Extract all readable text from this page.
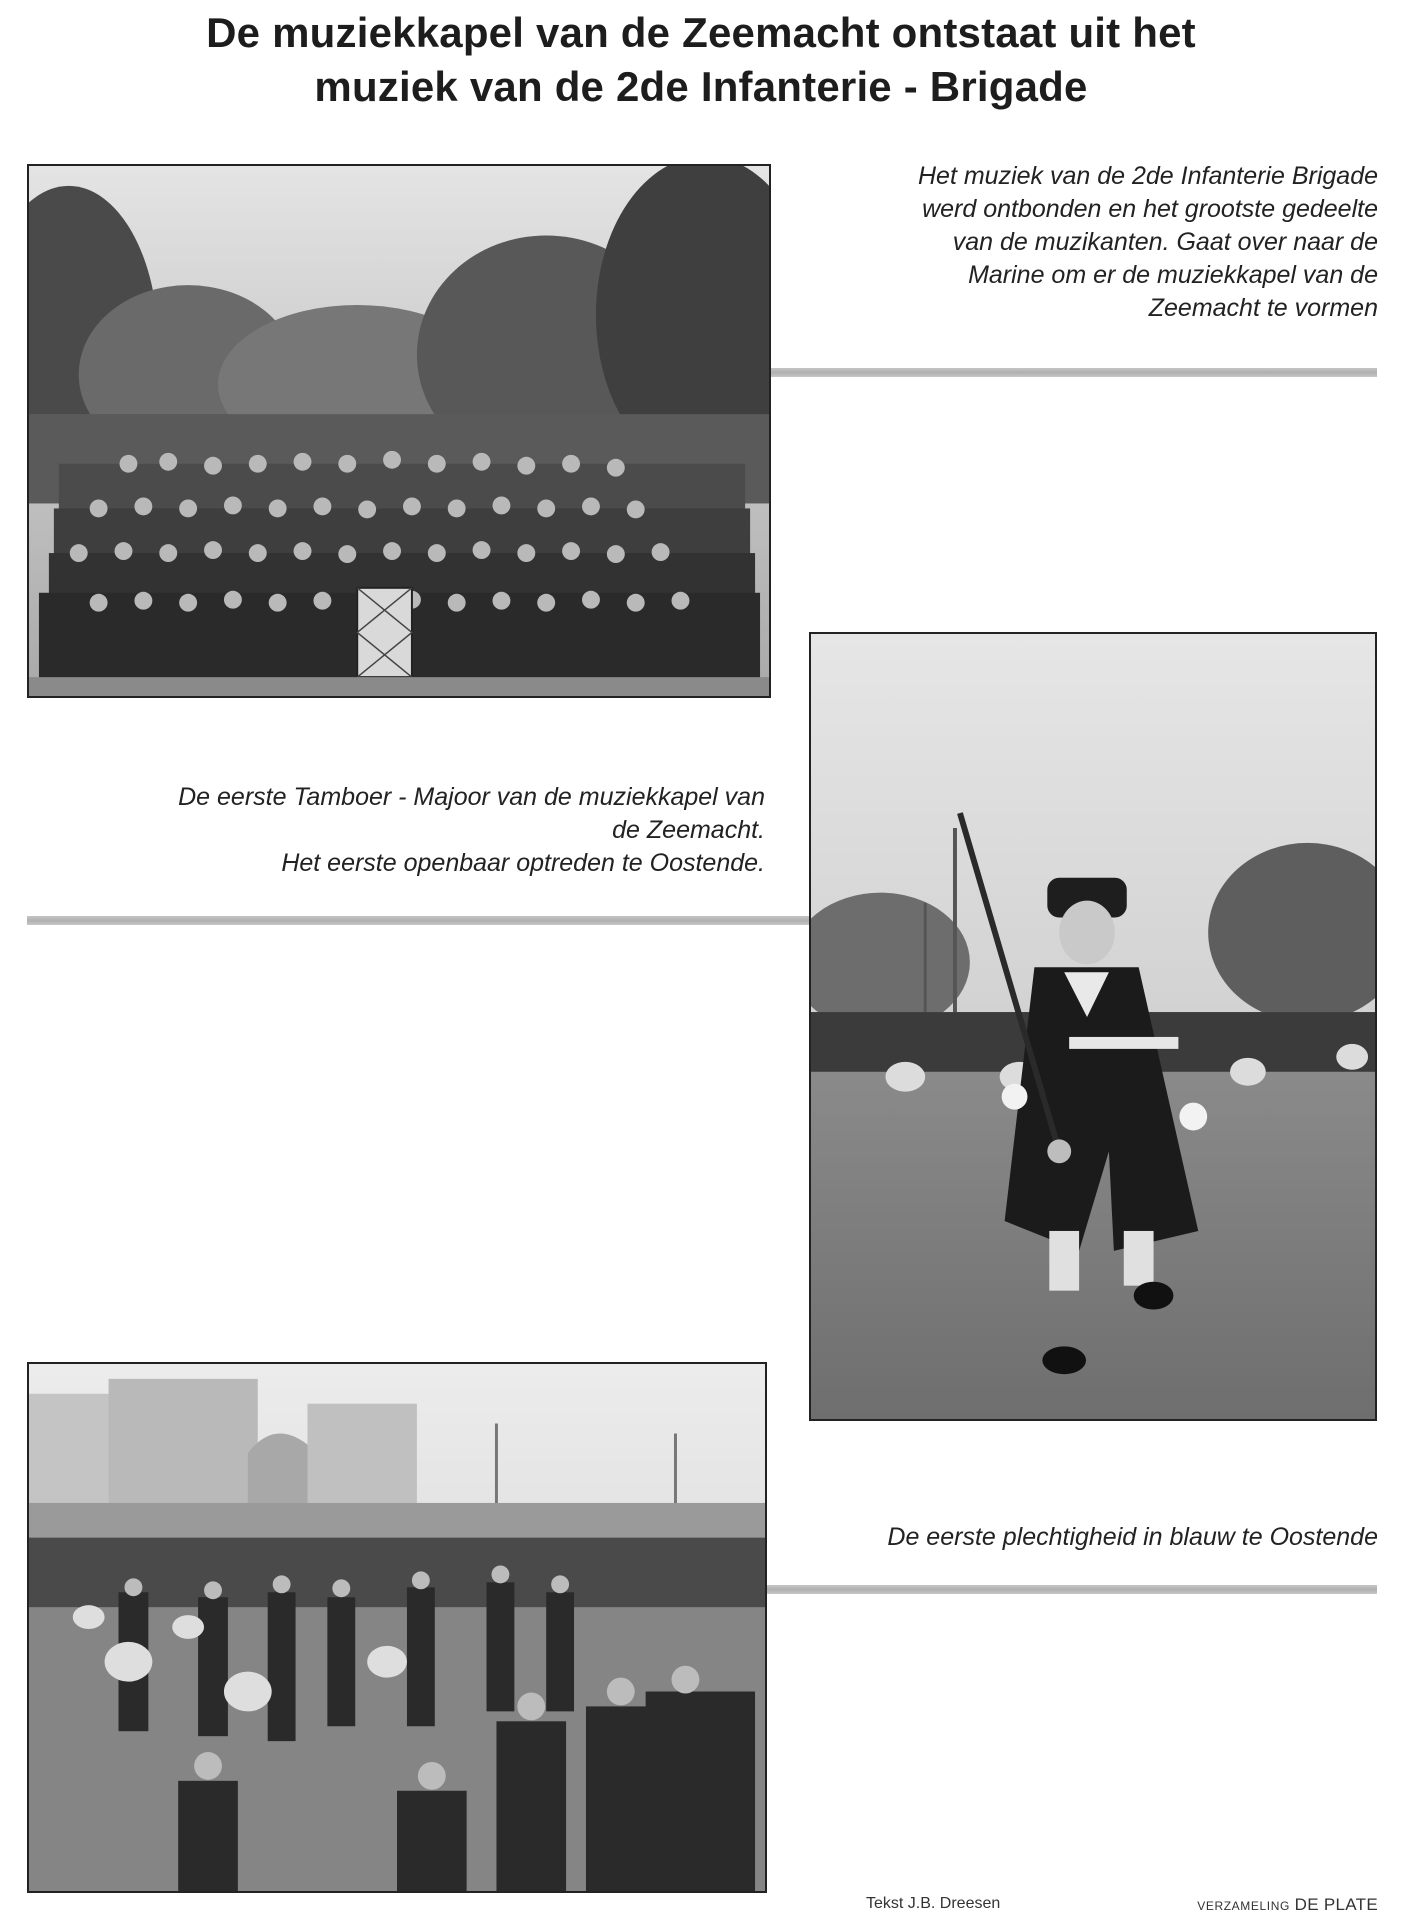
De muziekkapel van de Zeemacht ontstaat uit het
muziek van de 2de Infanterie - Brigade
Het muziek van de 2de Infanterie Brigade
werd ontbonden en het grootste gedeelte
van de muzikanten. Gaat over naar de
Marine om er de muziekkapel van de
Zeemacht te vormen
De eerste Tamboer - Majoor van de muziekkapel van
de Zeemacht.
Het eerste openbaar optreden te Oostende.
De eerste plechtigheid in blauw te Oostende
Tekst J.B. Dreesen	VERZAMELING DE PLATE
